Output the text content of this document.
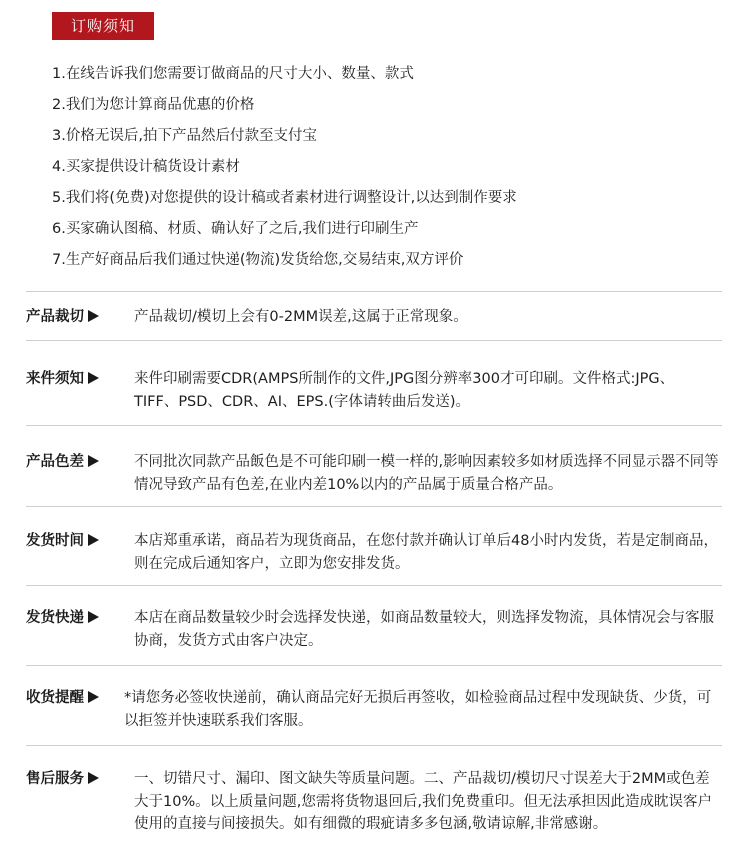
订购须知
1.在线告诉我们您需要订做商品的尺寸大小、数量、款式
2.我们为您计算商品优惠的价格
3.价格无误后,拍下产品然后付款至支付宝
4.买家提供设计稿货设计素材
5.我们将(免费)对您提供的设计稿或者素材进行调整设计,以达到制作要求
6.买家确认图稿、材质、确认好了之后,我们进行印刷生产
7.生产好商品后我们通过快递(物流)发货给您,交易结束,双方评价
产品裁切	产品裁切/模切上会有0-2MM误差,这属于正常现象。
来件须知	来件印刷需要CDR(AMPS所制作的文件,JPG图分辨率300才可印刷。文件格式:JPG、TIFF、PSD、CDR、AI、EPS.(字体请转曲后发送)。
产品色差	不同批次同款产品飯色是不可能印刷一模一样的,影响因素较多如材质选择不同显示器不同等情况导致产品有色差,在业内差10%以内的产品属于质量合格产品。
发货时间	本店郑重承诺，商品若为现货商品，在您付款并确认订单后48小时内发货，若是定制商品，则在完成后通知客户，立即为您安排发货。
发货快递	本店在商品数量较少时会选择发快递，如商品数量较大，则选择发物流，具体情况会与客服协商，发货方式由客户决定。
收货提醒	*请您务必签收快递前，确认商品完好无损后再签收，如检验商品过程中发现缺货、少货，可以拒签并快速联系我们客服。
售后服务	一、切错尺寸、漏印、图文缺失等质量问题。二、产品裁切/模切尺寸误差大于2MM或色差大于10%。以上质量问题,您需将货物退回后,我们免费重印。但无法承担因此造成眈误客户使用的直接与间接损失。如有细微的瑕疵请多多包涵,敬请谅解,非常感谢。
